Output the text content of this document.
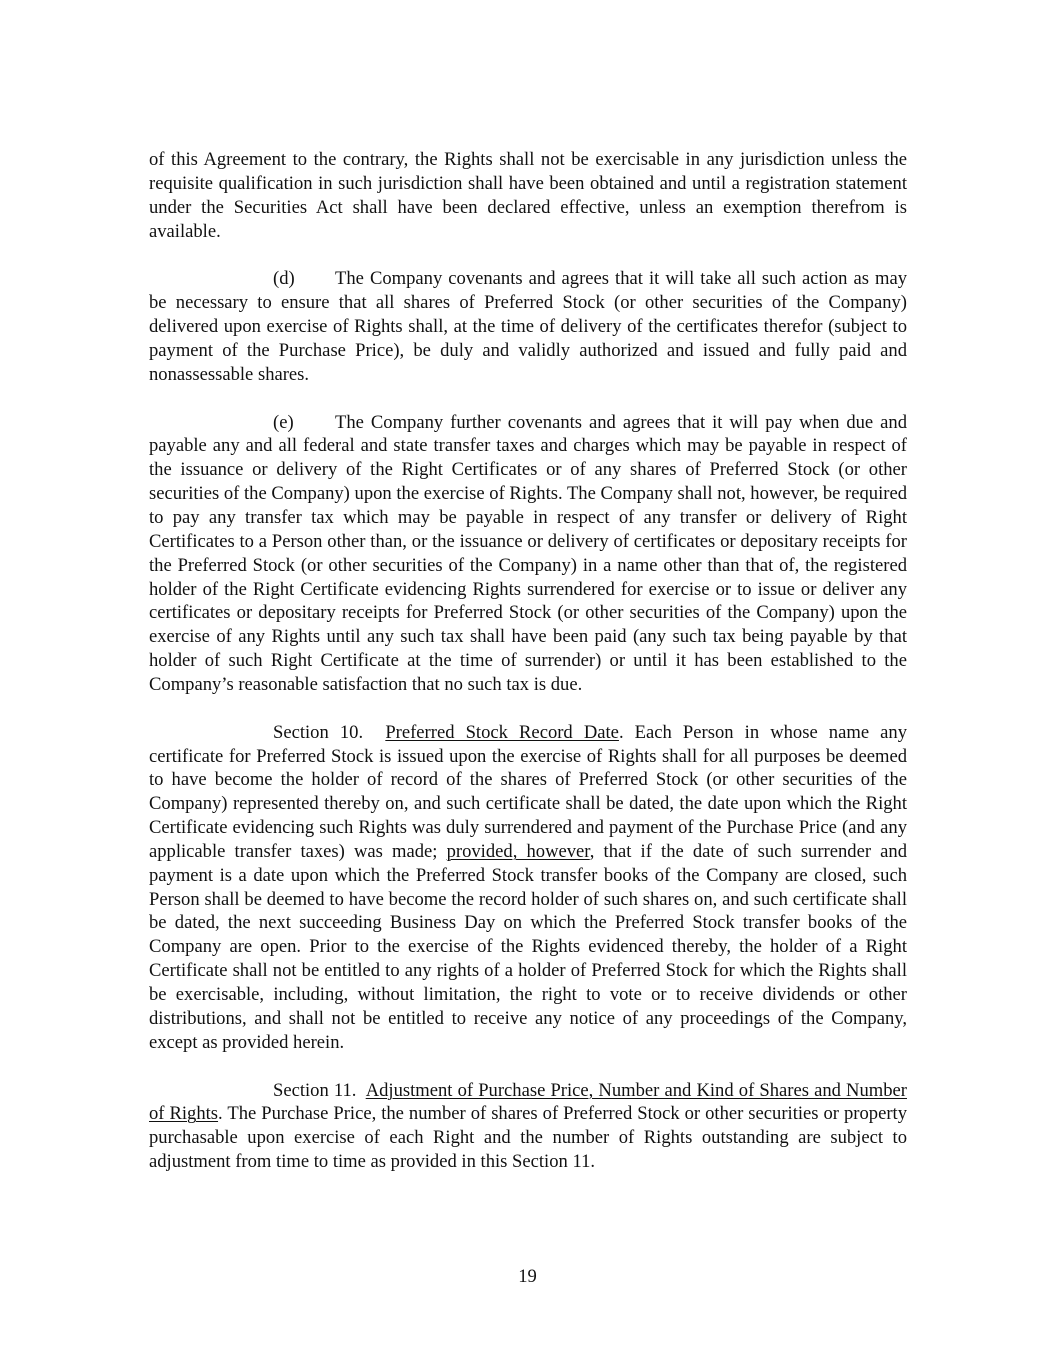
of this Agreement to the contrary, the Rights shall not be exercisable in any jurisdiction unless the requisite qualification in such jurisdiction shall have been obtained and until a registration statement under the Securities Act shall have been declared effective, unless an exemption therefrom is available.

(d) The Company covenants and agrees that it will take all such action as may be necessary to ensure that all shares of Preferred Stock (or other securities of the Company) delivered upon exercise of Rights shall, at the time of delivery of the certificates therefor (subject to payment of the Purchase Price), be duly and validly authorized and issued and fully paid and nonassessable shares.

(e) The Company further covenants and agrees that it will pay when due and payable any and all federal and state transfer taxes and charges which may be payable in respect of the issuance or delivery of the Right Certificates or of any shares of Preferred Stock (or other securities of the Company) upon the exercise of Rights. The Company shall not, however, be required to pay any transfer tax which may be payable in respect of any transfer or delivery of Right Certificates to a Person other than, or the issuance or delivery of certificates or depositary receipts for the Preferred Stock (or other securities of the Company) in a name other than that of, the registered holder of the Right Certificate evidencing Rights surrendered for exercise or to issue or deliver any certificates or depositary receipts for Preferred Stock (or other securities of the Company) upon the exercise of any Rights until any such tax shall have been paid (any such tax being payable by that holder of such Right Certificate at the time of surrender) or until it has been established to the Company’s reasonable satisfaction that no such tax is due.

Section 10. Preferred Stock Record Date. Each Person in whose name any certificate for Preferred Stock is issued upon the exercise of Rights shall for all purposes be deemed to have become the holder of record of the shares of Preferred Stock (or other securities of the Company) represented thereby on, and such certificate shall be dated, the date upon which the Right Certificate evidencing such Rights was duly surrendered and payment of the Purchase Price (and any applicable transfer taxes) was made; provided, however, that if the date of such surrender and payment is a date upon which the Preferred Stock transfer books of the Company are closed, such Person shall be deemed to have become the record holder of such shares on, and such certificate shall be dated, the next succeeding Business Day on which the Preferred Stock transfer books of the Company are open. Prior to the exercise of the Rights evidenced thereby, the holder of a Right Certificate shall not be entitled to any rights of a holder of Preferred Stock for which the Rights shall be exercisable, including, without limitation, the right to vote or to receive dividends or other distributions, and shall not be entitled to receive any notice of any proceedings of the Company, except as provided herein.

Section 11. Adjustment of Purchase Price, Number and Kind of Shares and Number of Rights. The Purchase Price, the number of shares of Preferred Stock or other securities or property purchasable upon exercise of each Right and the number of Rights outstanding are subject to adjustment from time to time as provided in this Section 11.

19
